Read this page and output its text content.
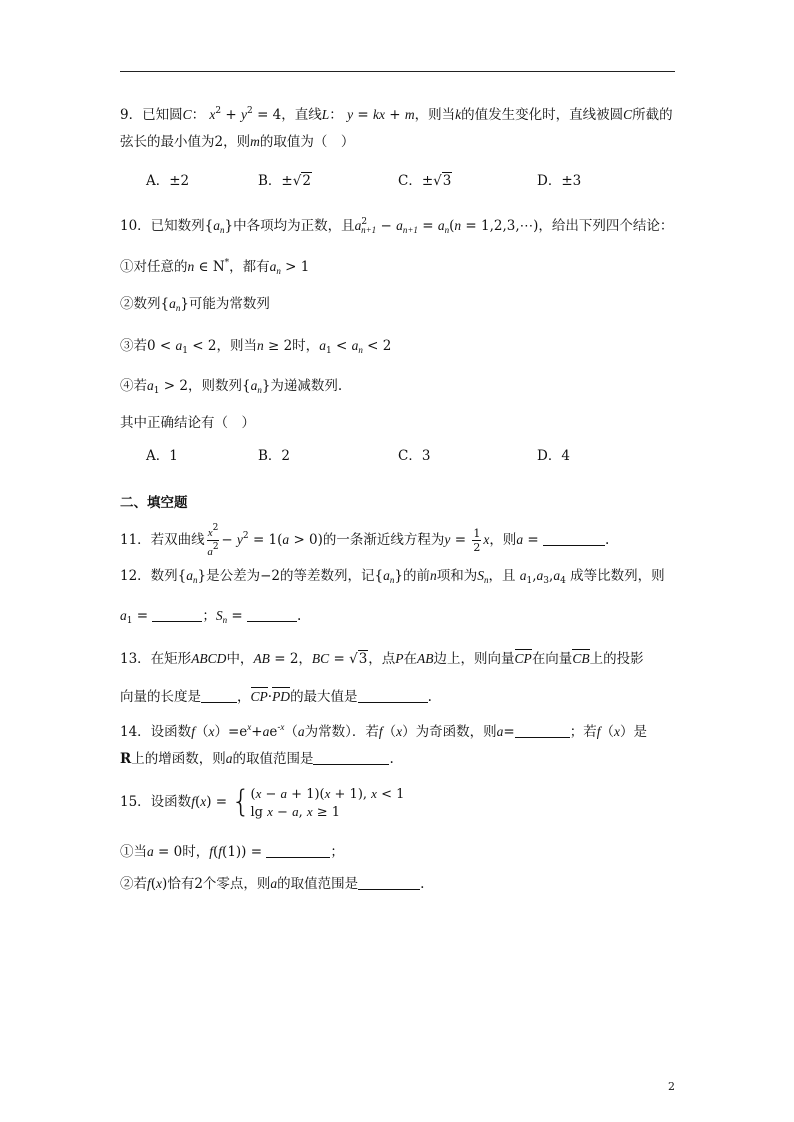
9．已知圆C： $x^2 + y^2 = 4$，直线L： y = kx + m，则当k的值发生变化时，直线被圆C所截的
弦长的最小值为2，则m的取值为（　）
A．±2	B．±√2	C．±√3	D．±3
10．已知数列$\{a_n\}$中各项均为正数，且$a^2_{n+1} - a_{n+1} = a_n(n$ = 1,2,3,⋯)，给出下列四个结论：
①对任意的n ∈ N*，都有$a_n > 1$
②数列$\{a_n\}$可能为常数列
③若$0 < a_1 < 2$，则当n ≥ 2时，$a_1 < a_n < 2$
④若$a_1 > 2$，则数列$\{a_n\}$为递减数列.
其中正确结论有（　）
A．1	B．2	C．3	D．4
二、填空题
11．若双曲线 $\frac{x^2}{a^2} - y^2 = 1(a > 0)$的一条渐近线方程为$y = \frac{1}{2}$ x，则a =	.
12．数列$\{a_n\}$是公差为−2的等差数列，记$\{a_n\}$的前n项和为$S_n$，且 $a_1,a_3,a_4$ 成等比数列，则
$a_1$ =	；$S_n$ =	.
13．在矩形ABCD中，AB = 2，BC = √3，点P在AB边上，则向量CP在向量CB上的投影
向量的长度是	，CP·PD的最大值是	.
14．设函数$f(x)=e^x+ae^{-x}(a$为常数）．若f（x）为奇函数，则a=	；若f（x）是
R上的增函数，则a的取值范围是	.
15．设函数f(x) = { (x − a + 1)(x + 1), x < 1
lg x − a, x ≥ 1
①当a = 0时，f(f(1)) =	；
②若f(x)恰有2个零点，则a的取值范围是	.
2
